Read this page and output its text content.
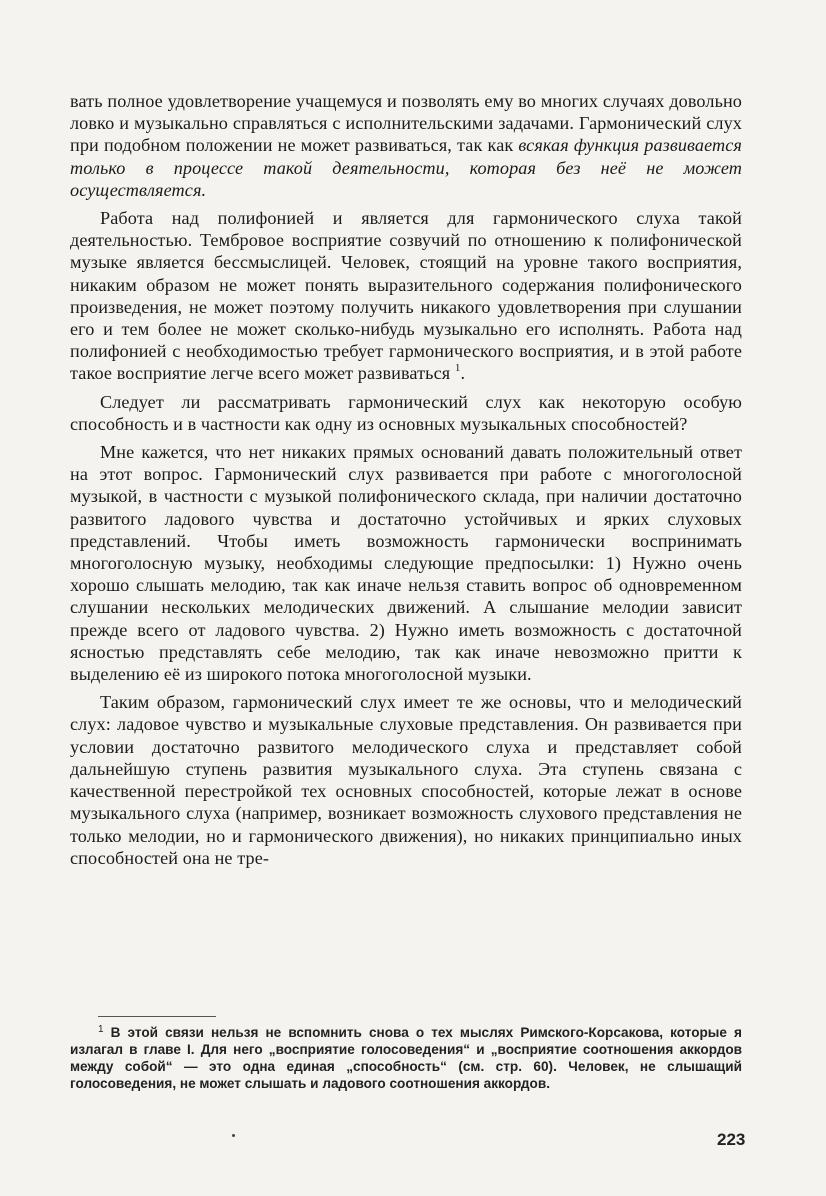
вать полное удовлетворение учащемуся и позволять ему во многих случаях довольно ловко и музыкально справляться с исполнительскими задачами. Гармонический слух при подобном положении не может развиваться, так как всякая функция развивается только в процессе такой деятельности, которая без неё не может осуществляется.

Работа над полифонией и является для гармонического слуха такой деятельностью. Тембровое восприятие созвучий по отношению к полифонической музыке является бессмыслицей. Человек, стоящий на уровне такого восприятия, никаким образом не может понять выразительного содержания полифонического произведения, не может поэтому получить никакого удовлетворения при слушании его и тем более не может сколько-нибудь музыкально его исполнять. Работа над полифонией с необходимостью требует гармонического восприятия, и в этой работе такое восприятие легче всего может развиваться $^1$.

Следует ли рассматривать гармонический слух как некоторую особую способность и в частности как одну из основных музыкальных способностей?

Мне кажется, что нет никаких прямых оснований давать положительный ответ на этот вопрос. Гармонический слух развивается при работе с многоголосной музыкой, в частности с музыкой полифонического склада, при наличии достаточно развитого ладового чувства и достаточно устойчивых и ярких слуховых представлений. Чтобы иметь возможность гармонически воспринимать многоголосную музыку, необходимы следующие предпосылки: 1) Нужно очень хорошо слышать мелодию, так как иначе нельзя ставить вопрос об одновременном слушании нескольких мелодических движений. А слышание мелодии зависит прежде всего от ладового чувства. 2) Нужно иметь возможность с достаточной ясностью представлять себе мелодию, так как иначе невозможно притти к выделению её из широкого потока многоголосной музыки.

Таким образом, гармонический слух имеет те же основы, что и мелодический слух: ладовое чувство и музыкальные слуховые представления. Он развивается при условии достаточно развитого мелодического слуха и представляет собой дальнейшую ступень развития музыкального слуха. Эта ступень связана с качественной перестройкой тех основных способностей, которые лежат в основе музыкального слуха (например, возникает возможность слухового представления не только мелодии, но и гармонического движения), но никаких принципиально иных способностей она не тре-

$^1$ В этой связи нельзя не вспомнить снова о тех мыслях Римского-Корсакова, которые я излагал в главе I. Для него „восприятие голосоведения“ и „восприятие соотношения аккордов между собой“ — это одна единая „способность“ (см. стр. 60). Человек, не слышащий голосоведения, не может слышать и ладового соотношения аккордов.

223
